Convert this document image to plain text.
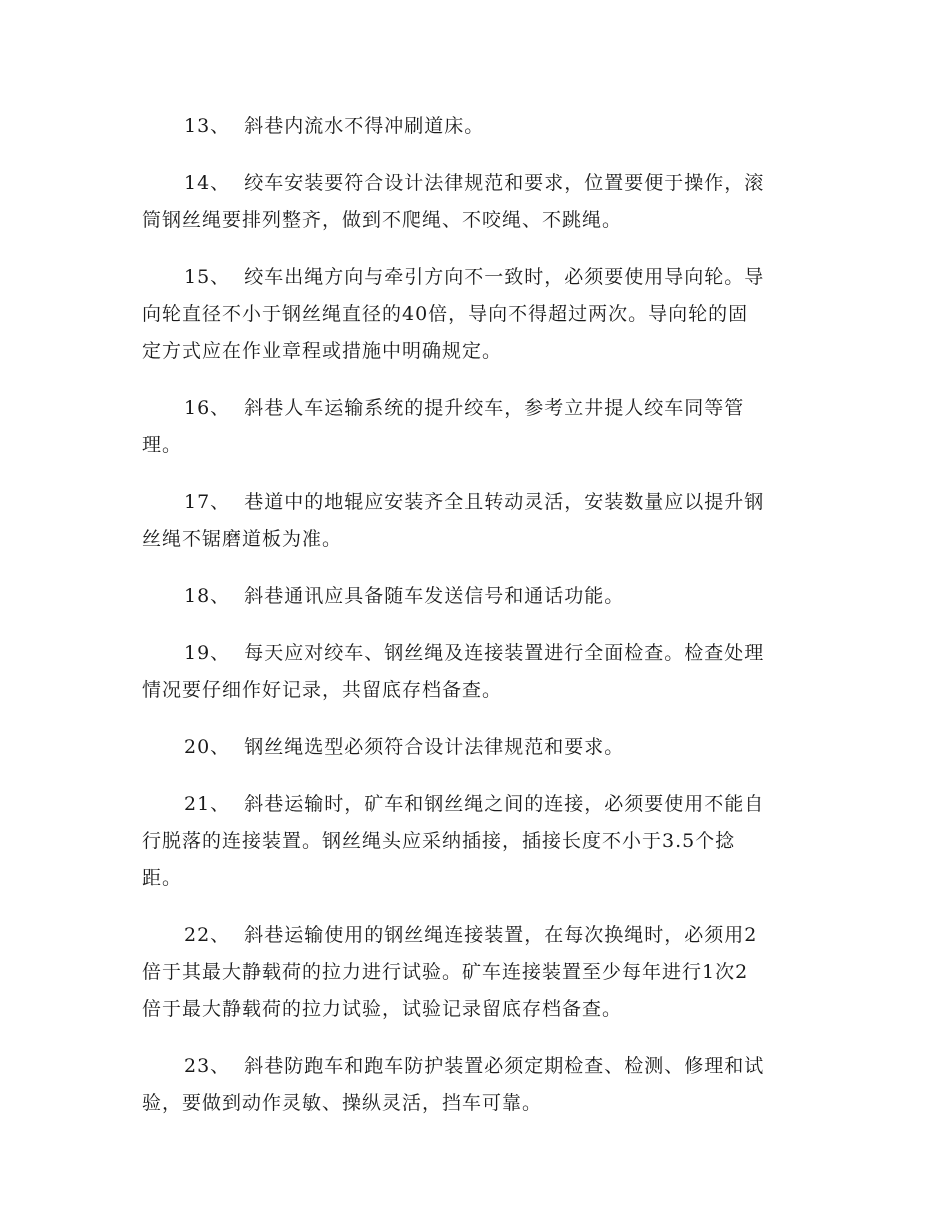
13、 斜巷内流水不得冲刷道床。
14、 绞车安装要符合设计法律规范和要求，位置要便于操作，滚
筒钢丝绳要排列整齐，做到不爬绳、不咬绳、不跳绳。
15、 绞车出绳方向与牵引方向不一致时，必须要使用导向轮。导
向轮直径不小于钢丝绳直径的40倍，导向不得超过两次。导向轮的固
定方式应在作业章程或措施中明确规定。
16、 斜巷人车运输系统的提升绞车，参考立井提人绞车同等管
理。
17、 巷道中的地辊应安装齐全且转动灵活，安装数量应以提升钢
丝绳不锯磨道板为准。
18、 斜巷通讯应具备随车发送信号和通话功能。
19、 每天应对绞车、钢丝绳及连接装置进行全面检查。检查处理
情况要仔细作好记录，共留底存档备查。
20、 钢丝绳选型必须符合设计法律规范和要求。
21、 斜巷运输时，矿车和钢丝绳之间的连接，必须要使用不能自
行脱落的连接装置。钢丝绳头应采纳插接，插接长度不小于3.5个捻
距。
22、 斜巷运输使用的钢丝绳连接装置，在每次换绳时，必须用2
倍于其最大静载荷的拉力进行试验。矿车连接装置至少每年进行1次2
倍于最大静载荷的拉力试验，试验记录留底存档备查。
23、 斜巷防跑车和跑车防护装置必须定期检查、检测、修理和试
验，要做到动作灵敏、操纵灵活，挡车可靠。
